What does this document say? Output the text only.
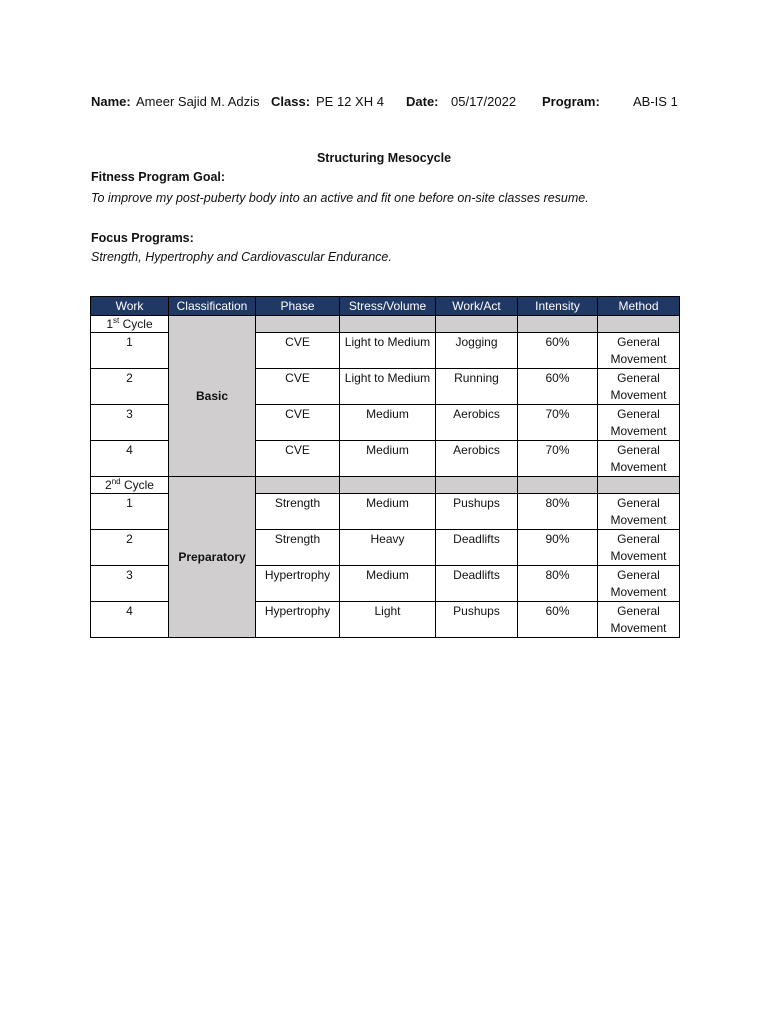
Name: Ameer Sajid M. Adzis Class: PE 12 XH 4 Date: 05/17/2022 Program:	AB-IS 1
Structuring Mesocycle
Fitness Program Goal:
To improve my post-puberty body into an active and fit one before on-site classes resume.
Focus Programs:
Strength, Hypertrophy and Cardiovascular Endurance.
Work	Classification	Phase	Stress/Volume	Work/Act	Intensity	Method
1st Cycle	Basic					
1		CVE	Light to Medium	Jogging	60%	General Movement
2		CVE	Light to Medium	Running	60%	General Movement
3		CVE	Medium	Aerobics	70%	General Movement
4		CVE	Medium	Aerobics	70%	General Movement
2nd Cycle	Preparatory					
1		Strength	Medium	Pushups	80%	General Movement
2		Strength	Heavy	Deadlifts	90%	General Movement
3		Hypertrophy	Medium	Deadlifts	80%	General Movement
4		Hypertrophy	Light	Pushups	60%	General Movement
